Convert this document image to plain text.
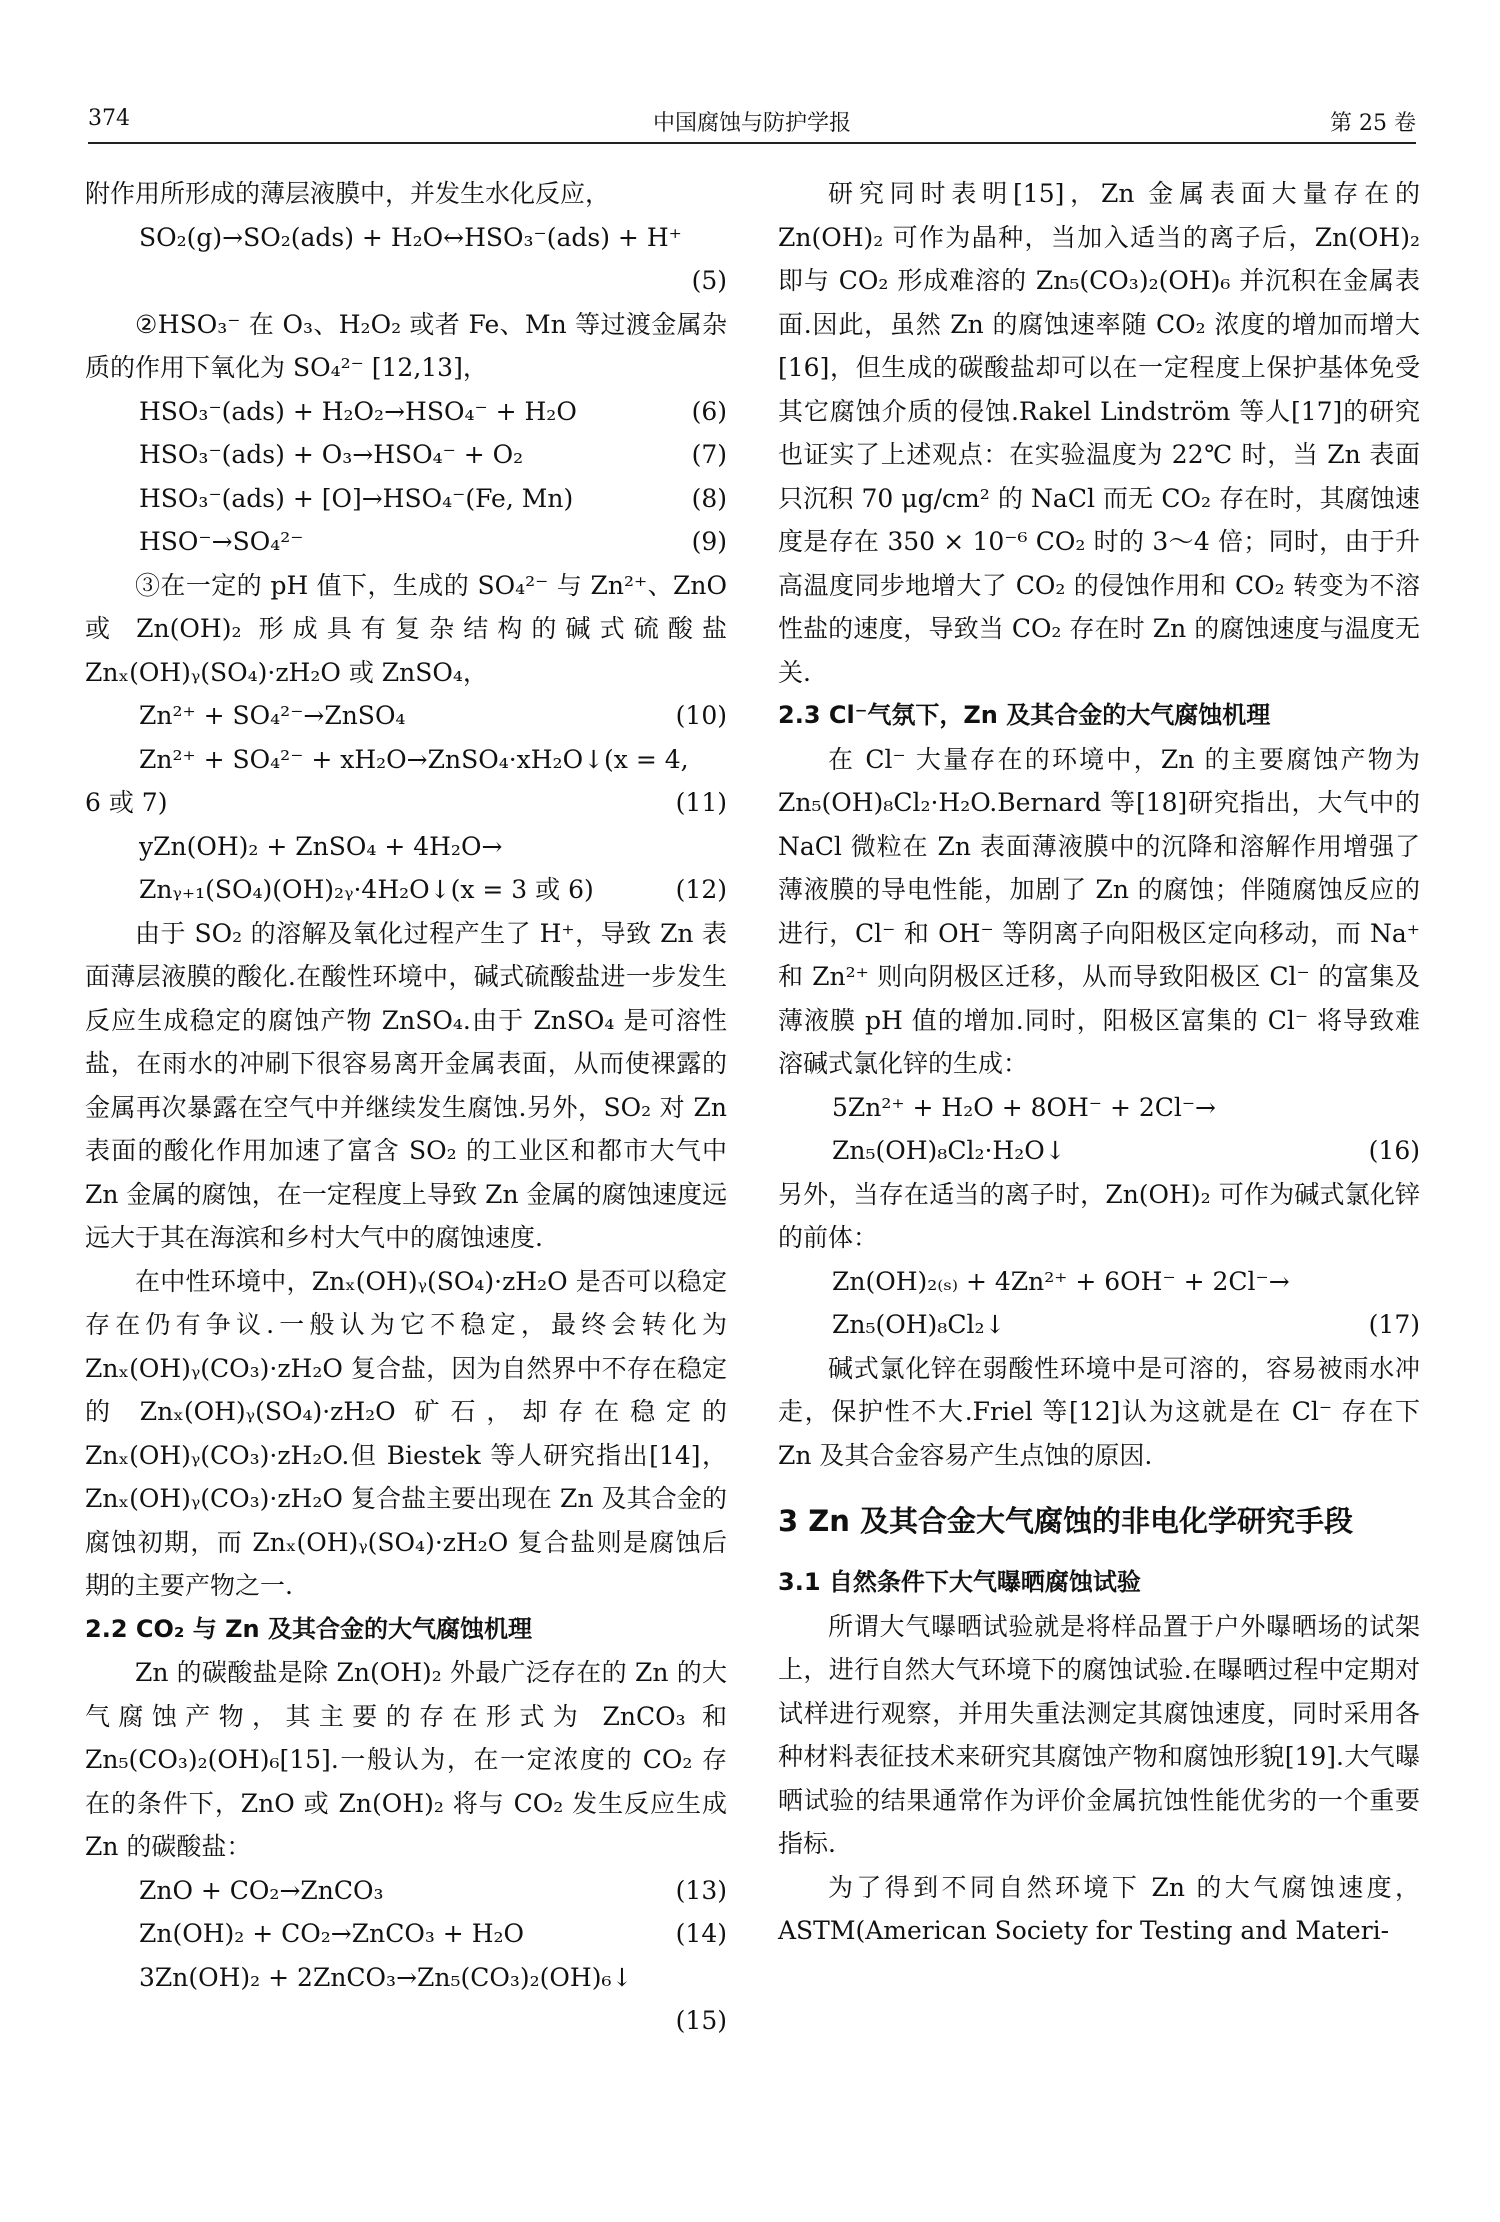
374	中国腐蚀与防护学报	第 25 卷

附作用所形成的薄层液膜中，并发生水化反应，

SO₂(g)→SO₂(ads) + H₂O↔HSO₃⁻(ads) + H⁺

(5)

②HSO₃⁻ 在 O₃、H₂O₂ 或者 Fe、Mn 等过渡金属杂质的作用下氧化为 SO₄²⁻ [12,13]，

HSO₃⁻(ads) + H₂O₂→HSO₄⁻ + H₂O	(6)

HSO₃⁻(ads) + O₃→HSO₄⁻ + O₂	(7)

HSO₃⁻(ads) + [O]→HSO₄⁻(Fe, Mn)	(8)

HSO⁻→SO₄²⁻	(9)

③在一定的 pH 值下，生成的 SO₄²⁻ 与 Zn²⁺、ZnO 或 Zn(OH)₂ 形成具有复杂结构的碱式硫酸盐 Znₓ(OH)ᵧ(SO₄)·zH₂O 或 ZnSO₄，

Zn²⁺ + SO₄²⁻→ZnSO₄	(10)

Zn²⁺ + SO₄²⁻ + xH₂O→ZnSO₄·xH₂O↓(x = 4,

6 或 7)	(11)

yZn(OH)₂ + ZnSO₄ + 4H₂O→

Znᵧ₊₁(SO₄)(OH)₂ᵧ·4H₂O↓(x = 3 或 6)	(12)

由于 SO₂ 的溶解及氧化过程产生了 H⁺，导致 Zn 表面薄层液膜的酸化.在酸性环境中，碱式硫酸盐进一步发生反应生成稳定的腐蚀产物 ZnSO₄.由于 ZnSO₄ 是可溶性盐，在雨水的冲刷下很容易离开金属表面，从而使裸露的金属再次暴露在空气中并继续发生腐蚀.另外，SO₂ 对 Zn 表面的酸化作用加速了富含 SO₂ 的工业区和都市大气中 Zn 金属的腐蚀，在一定程度上导致 Zn 金属的腐蚀速度远远大于其在海滨和乡村大气中的腐蚀速度.

在中性环境中，Znₓ(OH)ᵧ(SO₄)·zH₂O 是否可以稳定存在仍有争议.一般认为它不稳定，最终会转化为 Znₓ(OH)ᵧ(CO₃)·zH₂O 复合盐，因为自然界中不存在稳定的 Znₓ(OH)ᵧ(SO₄)·zH₂O 矿石，却存在稳定的 Znₓ(OH)ᵧ(CO₃)·zH₂O.但 Biestek 等人研究指出[14]，Znₓ(OH)ᵧ(CO₃)·zH₂O 复合盐主要出现在 Zn 及其合金的腐蚀初期，而 Znₓ(OH)ᵧ(SO₄)·zH₂O 复合盐则是腐蚀后期的主要产物之一.

2.2 CO₂ 与 Zn 及其合金的大气腐蚀机理

Zn 的碳酸盐是除 Zn(OH)₂ 外最广泛存在的 Zn 的大气腐蚀产物，其主要的存在形式为 ZnCO₃ 和 Zn₅(CO₃)₂(OH)₆[15].一般认为，在一定浓度的 CO₂ 存在的条件下，ZnO 或 Zn(OH)₂ 将与 CO₂ 发生反应生成 Zn 的碳酸盐：

ZnO + CO₂→ZnCO₃	(13)

Zn(OH)₂ + CO₂→ZnCO₃ + H₂O	(14)

3Zn(OH)₂ + 2ZnCO₃→Zn₅(CO₃)₂(OH)₆↓

(15)

研究同时表明[15]，Zn 金属表面大量存在的 Zn(OH)₂ 可作为晶种，当加入适当的离子后，Zn(OH)₂ 即与 CO₂ 形成难溶的 Zn₅(CO₃)₂(OH)₆ 并沉积在金属表面.因此，虽然 Zn 的腐蚀速率随 CO₂ 浓度的增加而增大[16]，但生成的碳酸盐却可以在一定程度上保护基体免受其它腐蚀介质的侵蚀.Rakel Lindström 等人[17]的研究也证实了上述观点：在实验温度为 22℃ 时，当 Zn 表面只沉积 70 μg/cm² 的 NaCl 而无 CO₂ 存在时，其腐蚀速度是存在 350 × 10⁻⁶ CO₂ 时的 3～4 倍；同时，由于升高温度同步地增大了 CO₂ 的侵蚀作用和 CO₂ 转变为不溶性盐的速度，导致当 CO₂ 存在时 Zn 的腐蚀速度与温度无关.

2.3 Cl⁻气氛下，Zn 及其合金的大气腐蚀机理

在 Cl⁻ 大量存在的环境中，Zn 的主要腐蚀产物为 Zn₅(OH)₈Cl₂·H₂O.Bernard 等[18]研究指出，大气中的 NaCl 微粒在 Zn 表面薄液膜中的沉降和溶解作用增强了薄液膜的导电性能，加剧了 Zn 的腐蚀；伴随腐蚀反应的进行，Cl⁻ 和 OH⁻ 等阴离子向阳极区定向移动，而 Na⁺ 和 Zn²⁺ 则向阴极区迁移，从而导致阳极区 Cl⁻ 的富集及薄液膜 pH 值的增加.同时，阳极区富集的 Cl⁻ 将导致难溶碱式氯化锌的生成：

5Zn²⁺ + H₂O + 8OH⁻ + 2Cl⁻→

Zn₅(OH)₈Cl₂·H₂O↓	(16)

另外，当存在适当的离子时，Zn(OH)₂ 可作为碱式氯化锌的前体：

Zn(OH)₂₍ₛ₎ + 4Zn²⁺ + 6OH⁻ + 2Cl⁻→

Zn₅(OH)₈Cl₂↓	(17)

碱式氯化锌在弱酸性环境中是可溶的，容易被雨水冲走，保护性不大.Friel 等[12]认为这就是在 Cl⁻ 存在下 Zn 及其合金容易产生点蚀的原因.

3 Zn 及其合金大气腐蚀的非电化学研究手段

3.1 自然条件下大气曝晒腐蚀试验

所谓大气曝晒试验就是将样品置于户外曝晒场的试架上，进行自然大气环境下的腐蚀试验.在曝晒过程中定期对试样进行观察，并用失重法测定其腐蚀速度，同时采用各种材料表征技术来研究其腐蚀产物和腐蚀形貌[19].大气曝晒试验的结果通常作为评价金属抗蚀性能优劣的一个重要指标.

为了得到不同自然环境下 Zn 的大气腐蚀速度，ASTM(American Society for Testing and Materi-
